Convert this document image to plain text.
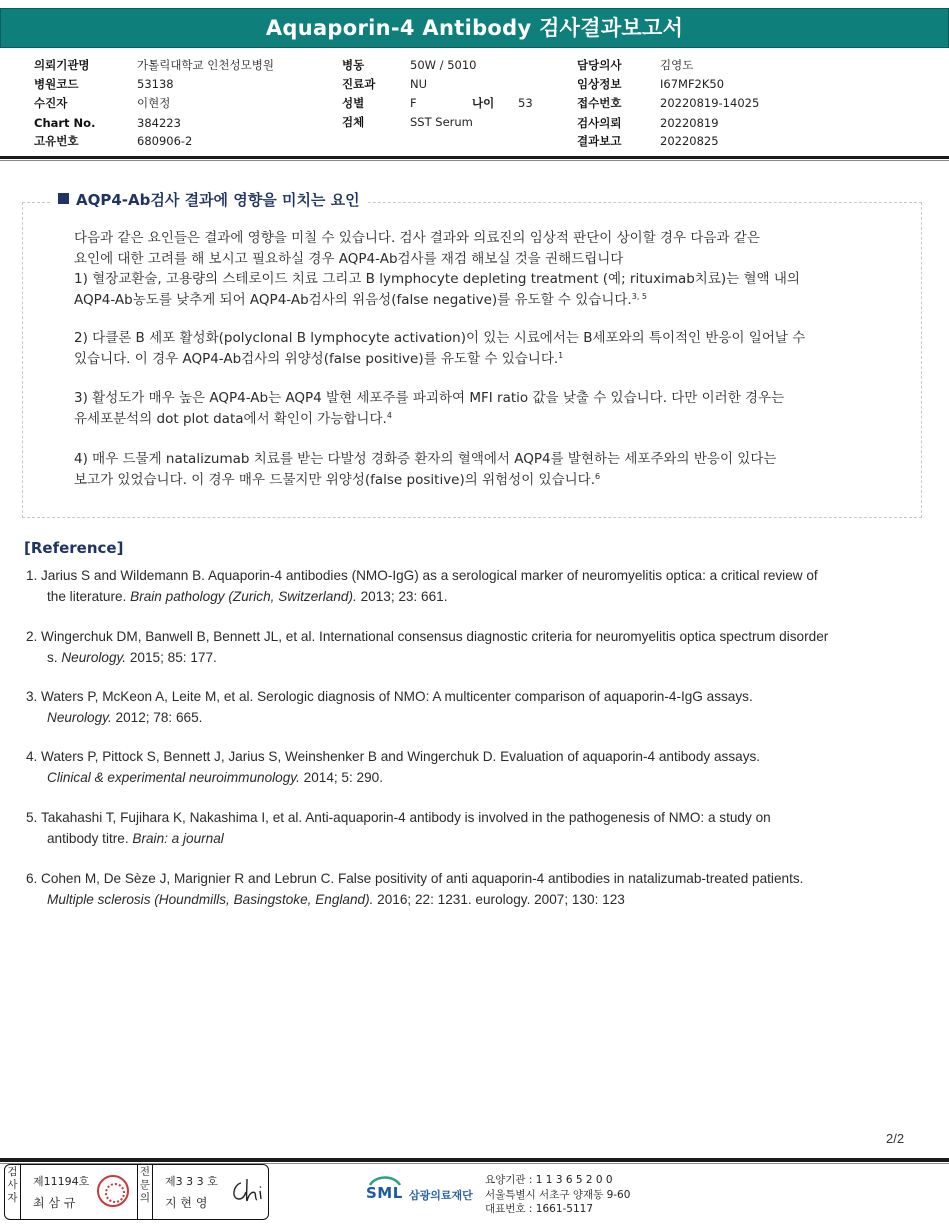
Aquaporin-4 Antibody 검사결과보고서
의뢰기관명	가톨릭대학교 인천성모병원
병원코드	53138
수진자	이현정
Chart No.	384223
고유번호	680906-2
병동	50W / 5010
진료과	NU
성별	F	나이 53
검체	SST Serum
담당의사	김영도
임상정보	I67MF2K50
접수번호	20220819-14025
검사의뢰	20220819
결과보고	20220825
AQP4-Ab검사 결과에 영향을 미치는 요인

다음과 같은 요인들은 결과에 영향을 미칠 수 있습니다. 검사 결과와 의료진의 임상적 판단이 상이할 경우 다음과 같은

요인에 대한 고려를 해 보시고 필요하실 경우 AQP4-Ab검사를 재검 해보실 것을 권해드립니다

1) 혈장교환술, 고용량의 스테로이드 치료 그리고 B lymphocyte depleting treatment (예; rituximab치료)는 혈액 내의

AQP4-Ab농도를 낮추게 되어 AQP4-Ab검사의 위음성(false negative)를 유도할 수 있습니다.$^{3, 5}$

2) 다클론 B 세포 활성화(polyclonal B lymphocyte activation)이 있는 시료에서는 B세포와의 특이적인 반응이 일어날 수

있습니다. 이 경우 AQP4-Ab검사의 위양성(false positive)를 유도할 수 있습니다.$^1$

3) 활성도가 매우 높은 AQP4-Ab는 AQP4 발현 세포주를 파괴하여 MFI ratio 값을 낮출 수 있습니다. 다만 이러한 경우는

유세포분석의 dot plot data에서 확인이 가능합니다.$^4$

4) 매우 드물게 natalizumab 치료를 받는 다발성 경화증 환자의 혈액에서 AQP4를 발현하는 세포주와의 반응이 있다는

보고가 있었습니다. 이 경우 매우 드물지만 위양성(false positive)의 위험성이 있습니다.$^6$

[Reference]
1. Jarius S and Wildemann B. Aquaporin-4 antibodies (NMO-IgG) as a serological marker of neuromyelitis optica: a critical review of
the literature. Brain pathology (Zurich, Switzerland). 2013; 23: 661.
2. Wingerchuk DM, Banwell B, Bennett JL, et al. International consensus diagnostic criteria for neuromyelitis optica spectrum disorder
s. Neurology. 2015; 85: 177.
3. Waters P, McKeon A, Leite M, et al. Serologic diagnosis of NMO: A multicenter comparison of aquaporin-4-IgG assays.
Neurology. 2012; 78: 665.
4. Waters P, Pittock S, Bennett J, Jarius S, Weinshenker B and Wingerchuk D. Evaluation of aquaporin-4 antibody assays.
Clinical & experimental neuroimmunology. 2014; 5: 290.
5. Takahashi T, Fujihara K, Nakashima I, et al. Anti-aquaporin-4 antibody is involved in the pathogenesis of NMO: a study on
antibody titre. Brain: a journal
6. Cohen M, De Sèze J, Marignier R and Lebrun C. False positivity of anti aquaporin-4 antibodies in natalizumab-treated patients.
Multiple sclerosis (Houndmills, Basingstoke, England). 2016; 22: 1231. eurology. 2007; 130: 123
2/2
검사자
제11194호
최 삼 규
전문의
제3 3 3 호
지 현 영
SML 삼광의료재단
요양기관 : 1 1 3 6 5 2 0 0
서울특별시 서초구 양재동 9-60
대표번호 : 1661-5117
